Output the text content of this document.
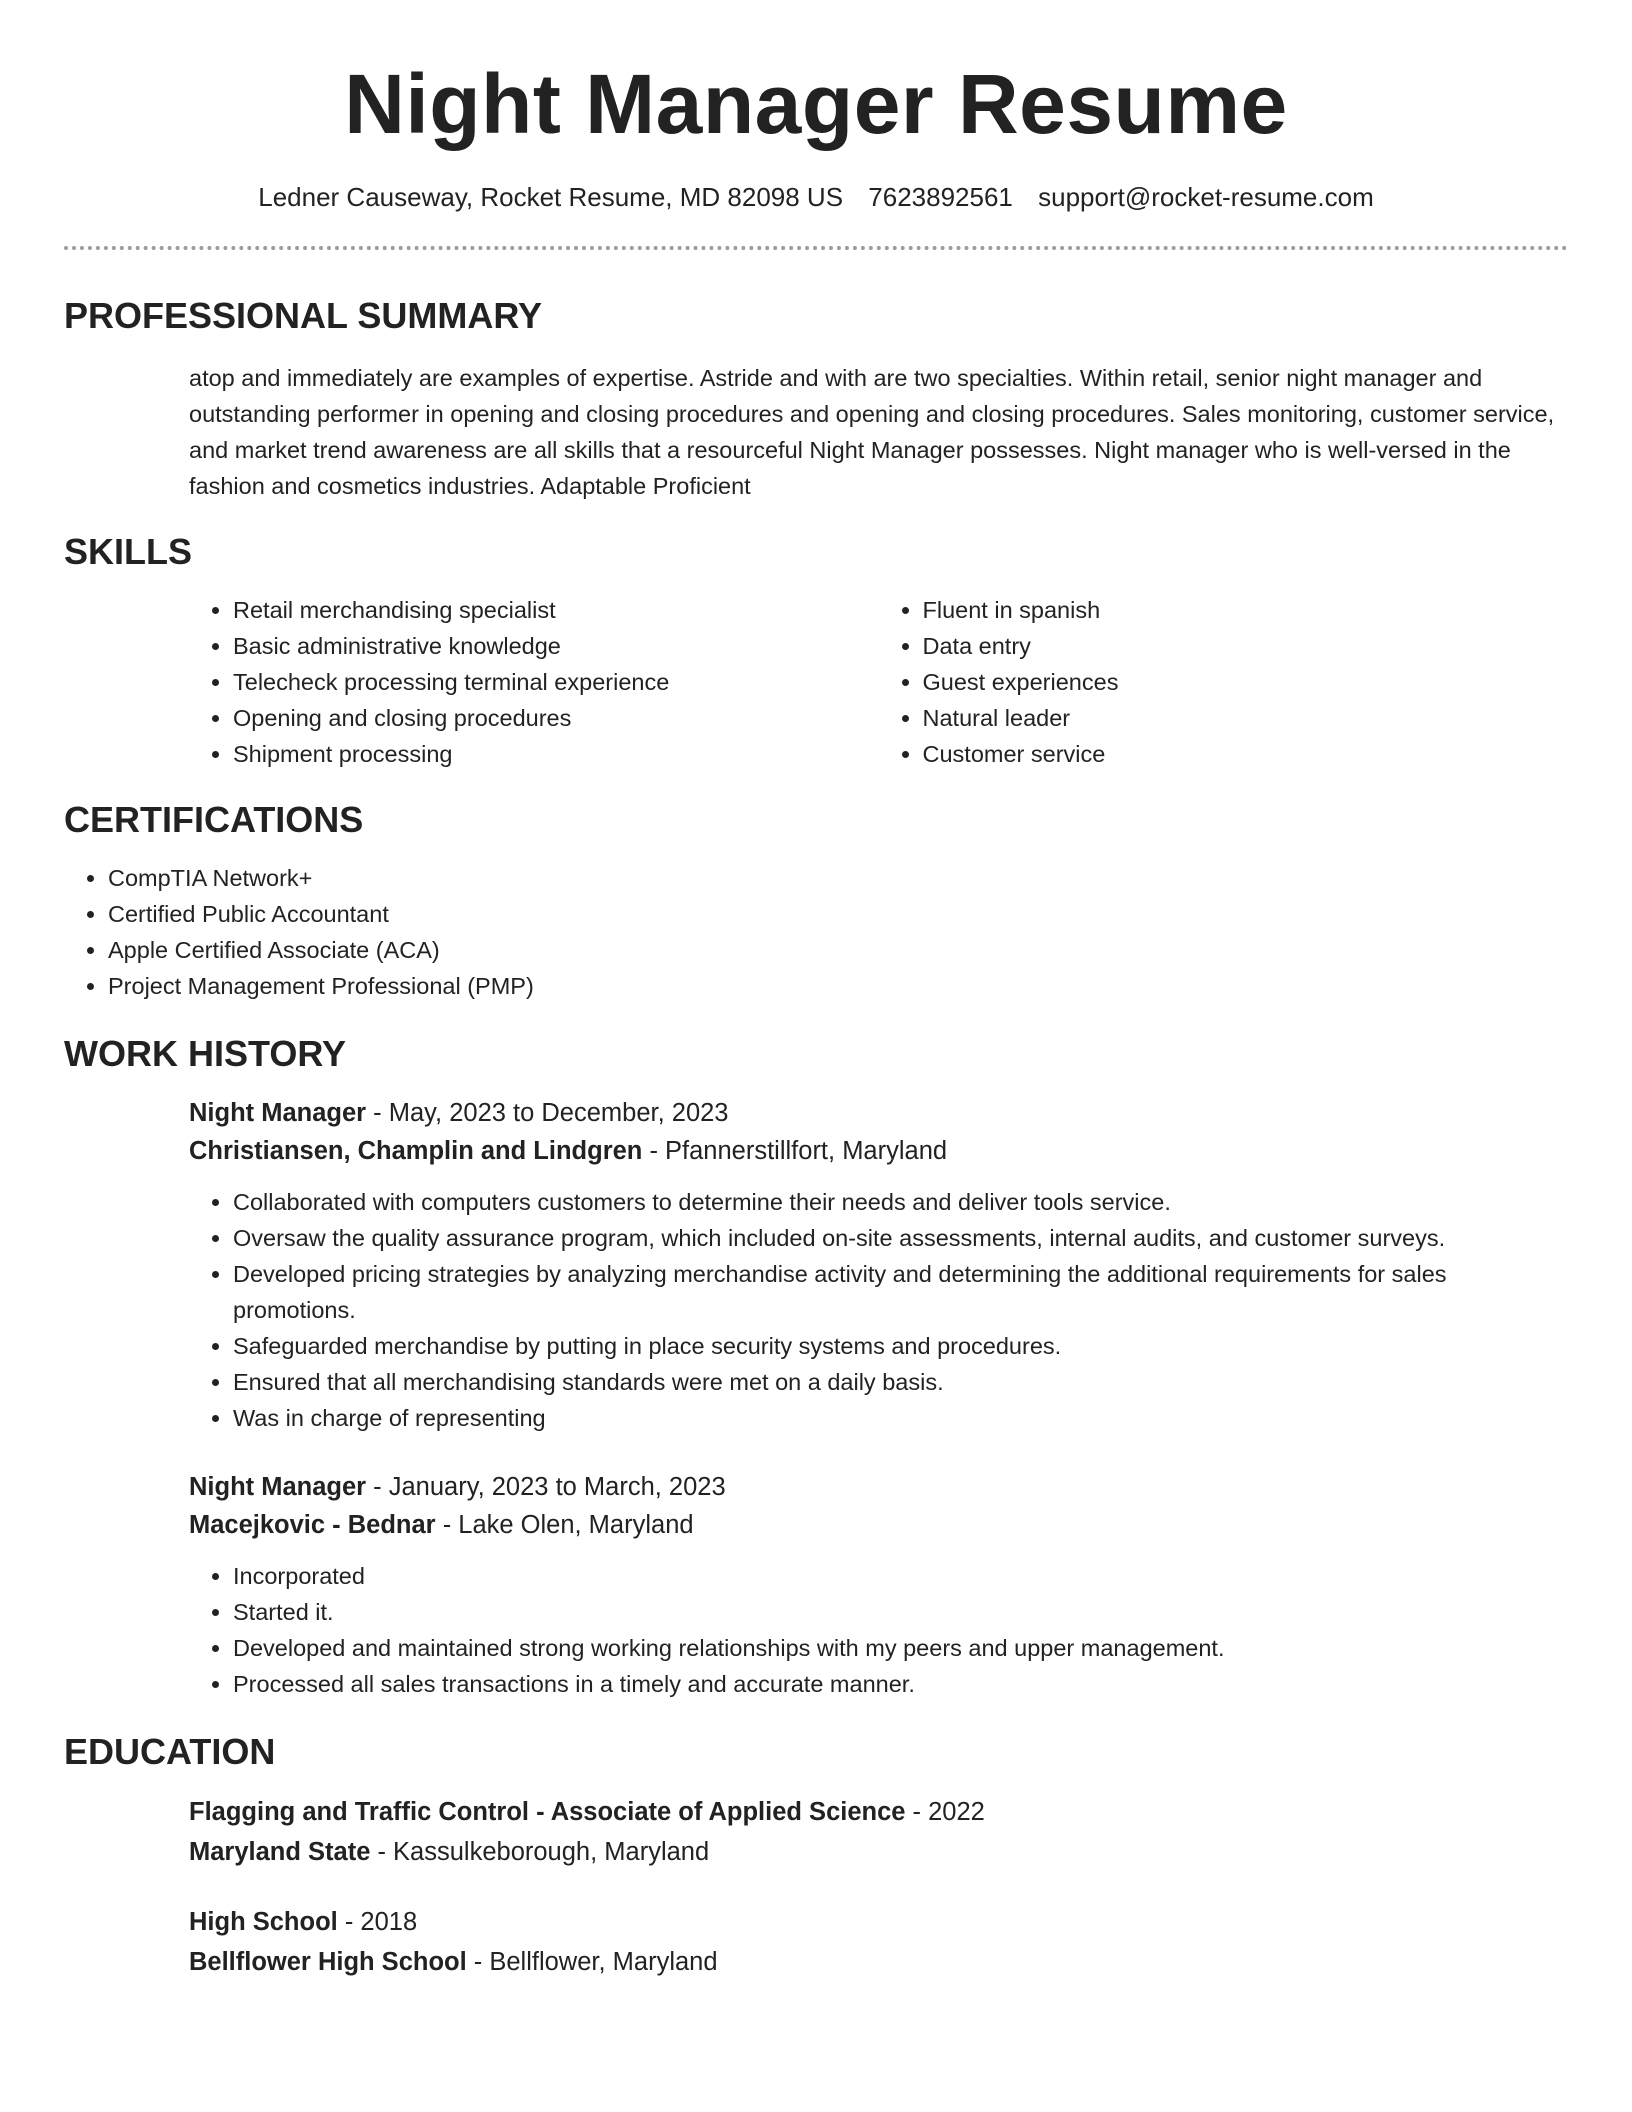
Night Manager Resume
Ledner Causeway, Rocket Resume, MD 82098 US 7623892561 support@rocket-resume.com
PROFESSIONAL SUMMARY
atop and immediately are examples of expertise. Astride and with are two specialties. Within retail, senior night manager and outstanding performer in opening and closing procedures and opening and closing procedures. Sales monitoring, customer service, and market trend awareness are all skills that a resourceful Night Manager possesses. Night manager who is well-versed in the fashion and cosmetics industries. Adaptable Proficient
SKILLS
• Retail merchandising specialist
• Basic administrative knowledge
• Telecheck processing terminal experience
• Opening and closing procedures
• Shipment processing
• Fluent in spanish
• Data entry
• Guest experiences
• Natural leader
• Customer service
CERTIFICATIONS
• CompTIA Network+
• Certified Public Accountant
• Apple Certified Associate (ACA)
• Project Management Professional (PMP)
WORK HISTORY
Night Manager - May, 2023 to December, 2023
Christiansen, Champlin and Lindgren - Pfannerstillfort, Maryland
• Collaborated with computers customers to determine their needs and deliver tools service.
• Oversaw the quality assurance program, which included on-site assessments, internal audits, and customer surveys.
• Developed pricing strategies by analyzing merchandise activity and determining the additional requirements for sales promotions.
• Safeguarded merchandise by putting in place security systems and procedures.
• Ensured that all merchandising standards were met on a daily basis.
• Was in charge of representing
Night Manager - January, 2023 to March, 2023
Macejkovic - Bednar - Lake Olen, Maryland
• Incorporated
• Started it.
• Developed and maintained strong working relationships with my peers and upper management.
• Processed all sales transactions in a timely and accurate manner.
EDUCATION
Flagging and Traffic Control - Associate of Applied Science - 2022
Maryland State - Kassulkeborough, Maryland
High School - 2018
Bellflower High School - Bellflower, Maryland
